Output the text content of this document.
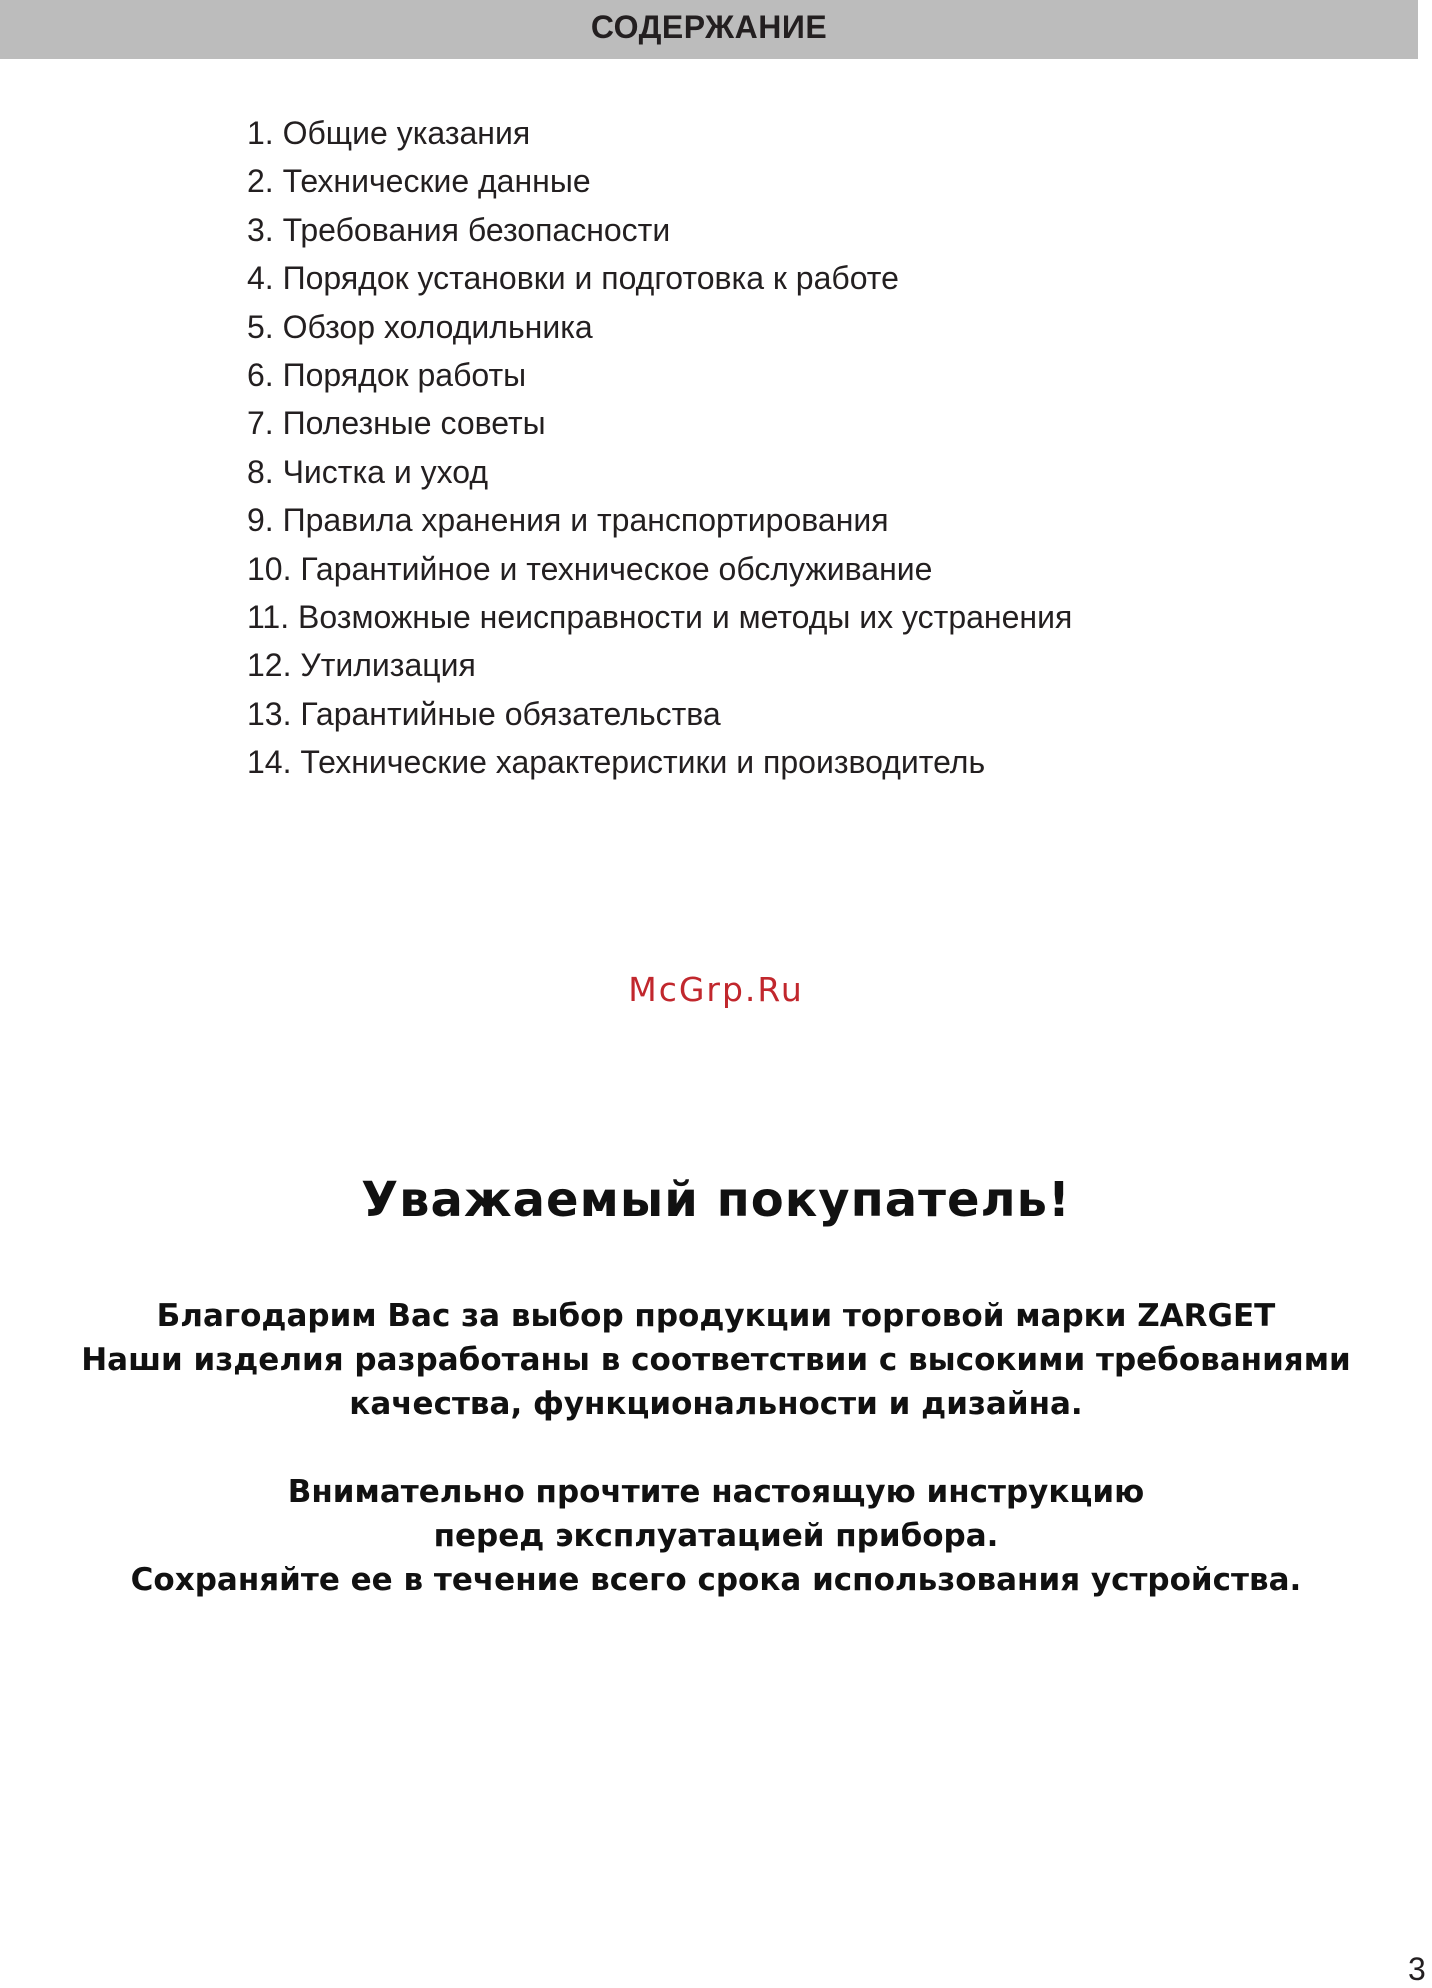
СОДЕРЖАНИЕ
1. Общие указания
2. Технические данные
3. Требования безопасности
4. Порядок установки и подготовка к работе
5. Обзор холодильника
6. Порядок работы
7. Полезные советы
8. Чистка и уход
9. Правила хранения и транспортирования
10. Гарантийное и техническое обслуживание
11. Возможные неисправности и методы их устранения
12. Утилизация
13. Гарантийные обязательства
14. Технические характеристики и производитель
McGrp.Ru
Уважаемый покупатель!
Благодарим Вас за выбор продукции торговой марки ZARGET
Наши изделия разработаны в соответствии с высокими требованиями
качества, функциональности и дизайна.
Внимательно прочтите настоящую инструкцию
перед эксплуатацией прибора.
Сохраняйте ее в течение всего срока использования устройства.
3
